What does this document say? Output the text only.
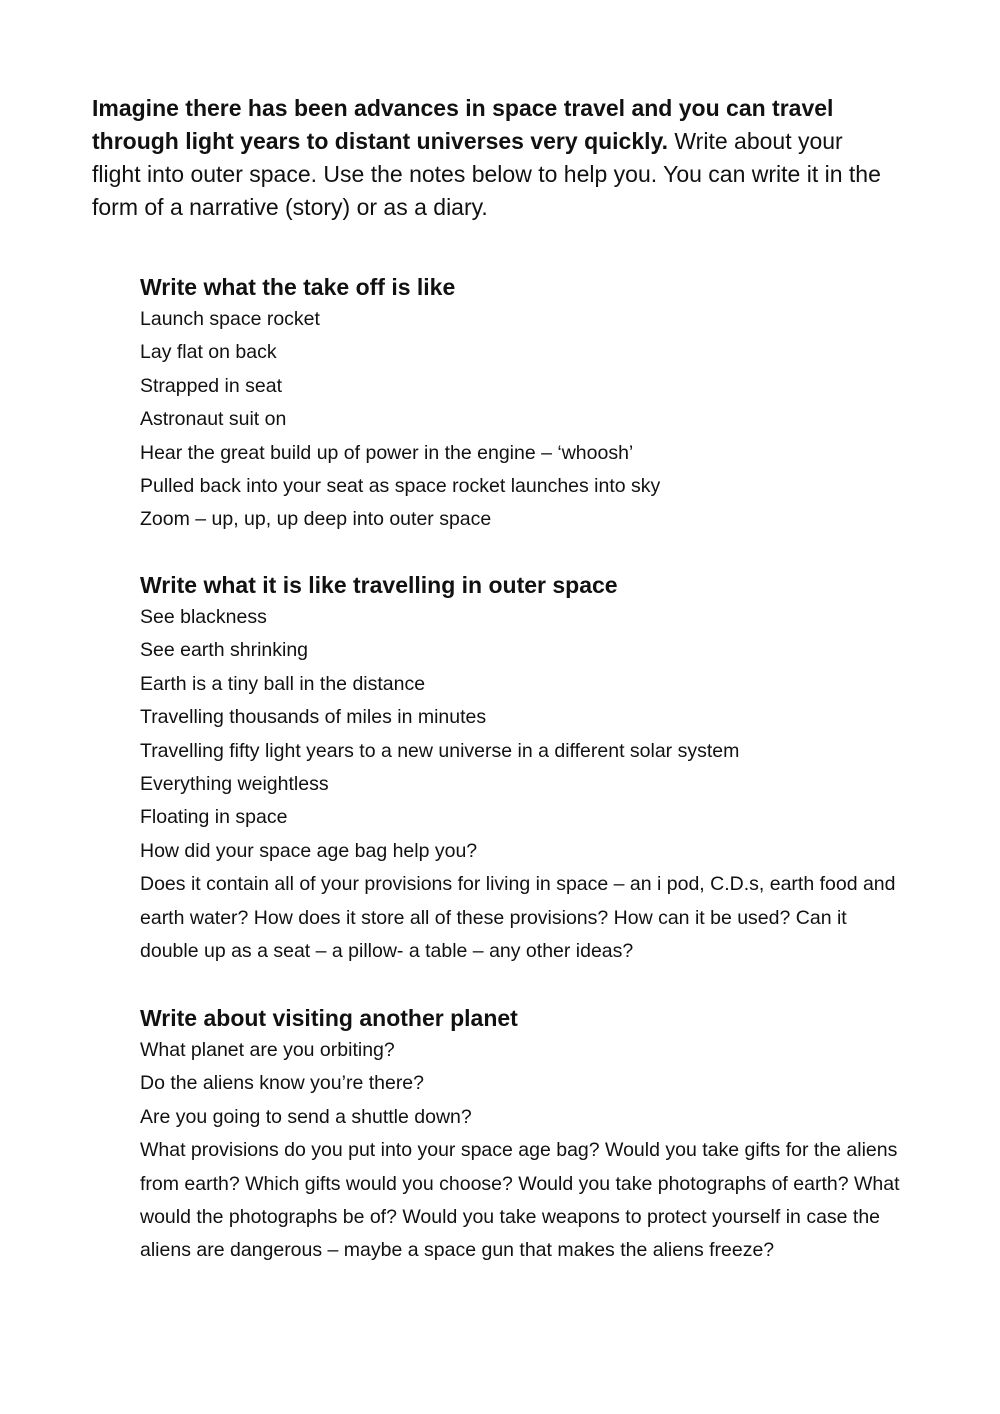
Imagine there has been advances in space travel and you can travel through light years to distant universes very quickly. Write about your flight into outer space. Use the notes below to help you. You can write it in the form of a narrative (story) or as a diary.

Write what the take off is like
Launch space rocket
Lay flat on back
Strapped in seat
Astronaut suit on
Hear the great build up of power in the engine – ‘whoosh’
Pulled back into your seat as space rocket launches into sky
Zoom – up, up, up deep into outer space
Write what it is like travelling in outer space
See blackness
See earth shrinking
Earth is a tiny ball in the distance
Travelling thousands of miles in minutes
Travelling fifty light years to a new universe in a different solar system
Everything weightless
Floating in space
How did your space age bag help you?
Does it contain all of your provisions for living in space – an i pod, C.D.s, earth food and earth water? How does it store all of these provisions? How can it be used? Can it double up as a seat – a pillow- a table – any other ideas?
Write about visiting another planet
What planet are you orbiting?
Do the aliens know you’re there?
Are you going to send a shuttle down?
What provisions do you put into your space age bag? Would you take gifts for the aliens from earth? Which gifts would you choose? Would you take photographs of earth? What would the photographs be of? Would you take weapons to protect yourself in case the aliens are dangerous – maybe a space gun that makes the aliens freeze?
